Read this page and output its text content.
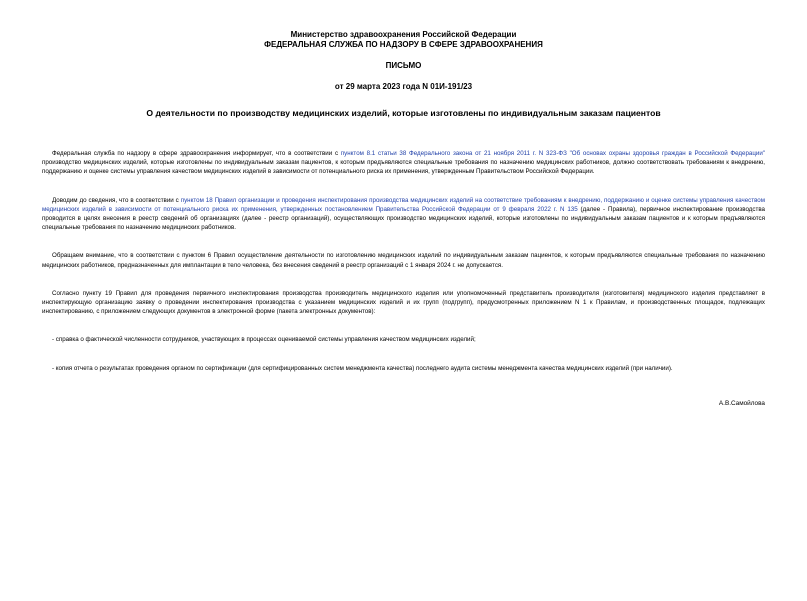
Министерство здравоохранения Российской Федерации
ФЕДЕРАЛЬНАЯ СЛУЖБА ПО НАДЗОРУ В СФЕРЕ ЗДРАВООХРАНЕНИЯ
ПИСЬМО
от 29 марта 2023 года N 01И-191/23
О деятельности по производству медицинских изделий, которые изготовлены по индивидуальным заказам пациентов

Федеральная служба по надзору в сфере здравоохранения информирует, что в соответствии с пунктом 8.1 статьи 38 Федерального закона от 21 ноября 2011 г. N 323-ФЗ "Об основах охраны здоровья граждан в Российской Федерации" производство медицинских изделий, которые изготовлены по индивидуальным заказам пациентов, к которым предъявляются специальные требования по назначению медицинских работников, должно соответствовать требованиям к внедрению, поддержанию и оценке системы управления качеством медицинских изделий в зависимости от потенциального риска их применения, утвержденным Правительством Российской Федерации.

Доводим до сведения, что в соответствии с пунктом 18 Правил организации и проведения инспектирования производства медицинских изделий на соответствие требованиям к внедрению, поддержанию и оценке системы управления качеством медицинских изделий в зависимости от потенциального риска их применения, утвержденных постановлением Правительства Российской Федерации от 9 февраля 2022 г. N 135 (далее - Правила), первичное инспектирование производства проводится в целях внесения в реестр сведений об организациях (далее - реестр организаций), осуществляющих производство медицинских изделий, которые изготовлены по индивидуальным заказам пациентов и к которым предъявляются специальные требования по назначению медицинских работников.

Обращаем внимание, что в соответствии с пунктом 6 Правил осуществление деятельности по изготовлению медицинских изделий по индивидуальным заказам пациентов, к которым предъявляются специальные требования по назначению медицинских работников, предназначенных для имплантации в тело человека, без внесения сведений в реестр организаций с 1 января 2024 г. не допускается.

Согласно пункту 19 Правил для проведения первичного инспектирования производства производитель медицинского изделия или уполномоченный представитель производителя (изготовителя) медицинского изделия представляет в инспектирующую организацию заявку о проведении инспектирования производства с указанием медицинских изделий и их групп (подгрупп), предусмотренных приложением N 1 к Правилам, и производственных площадок, подлежащих инспектированию, с приложением следующих документов в электронной форме (пакета электронных документов):

- справка о фактической численности сотрудников, участвующих в процессах оцениваемой системы управления качеством медицинских изделий;

- копия отчета о результатах проведения органом по сертификации (для сертифицированных систем менеджмента качества) последнего аудита системы менеджмента качества медицинских изделий (при наличии).

А.В.Самойлова
